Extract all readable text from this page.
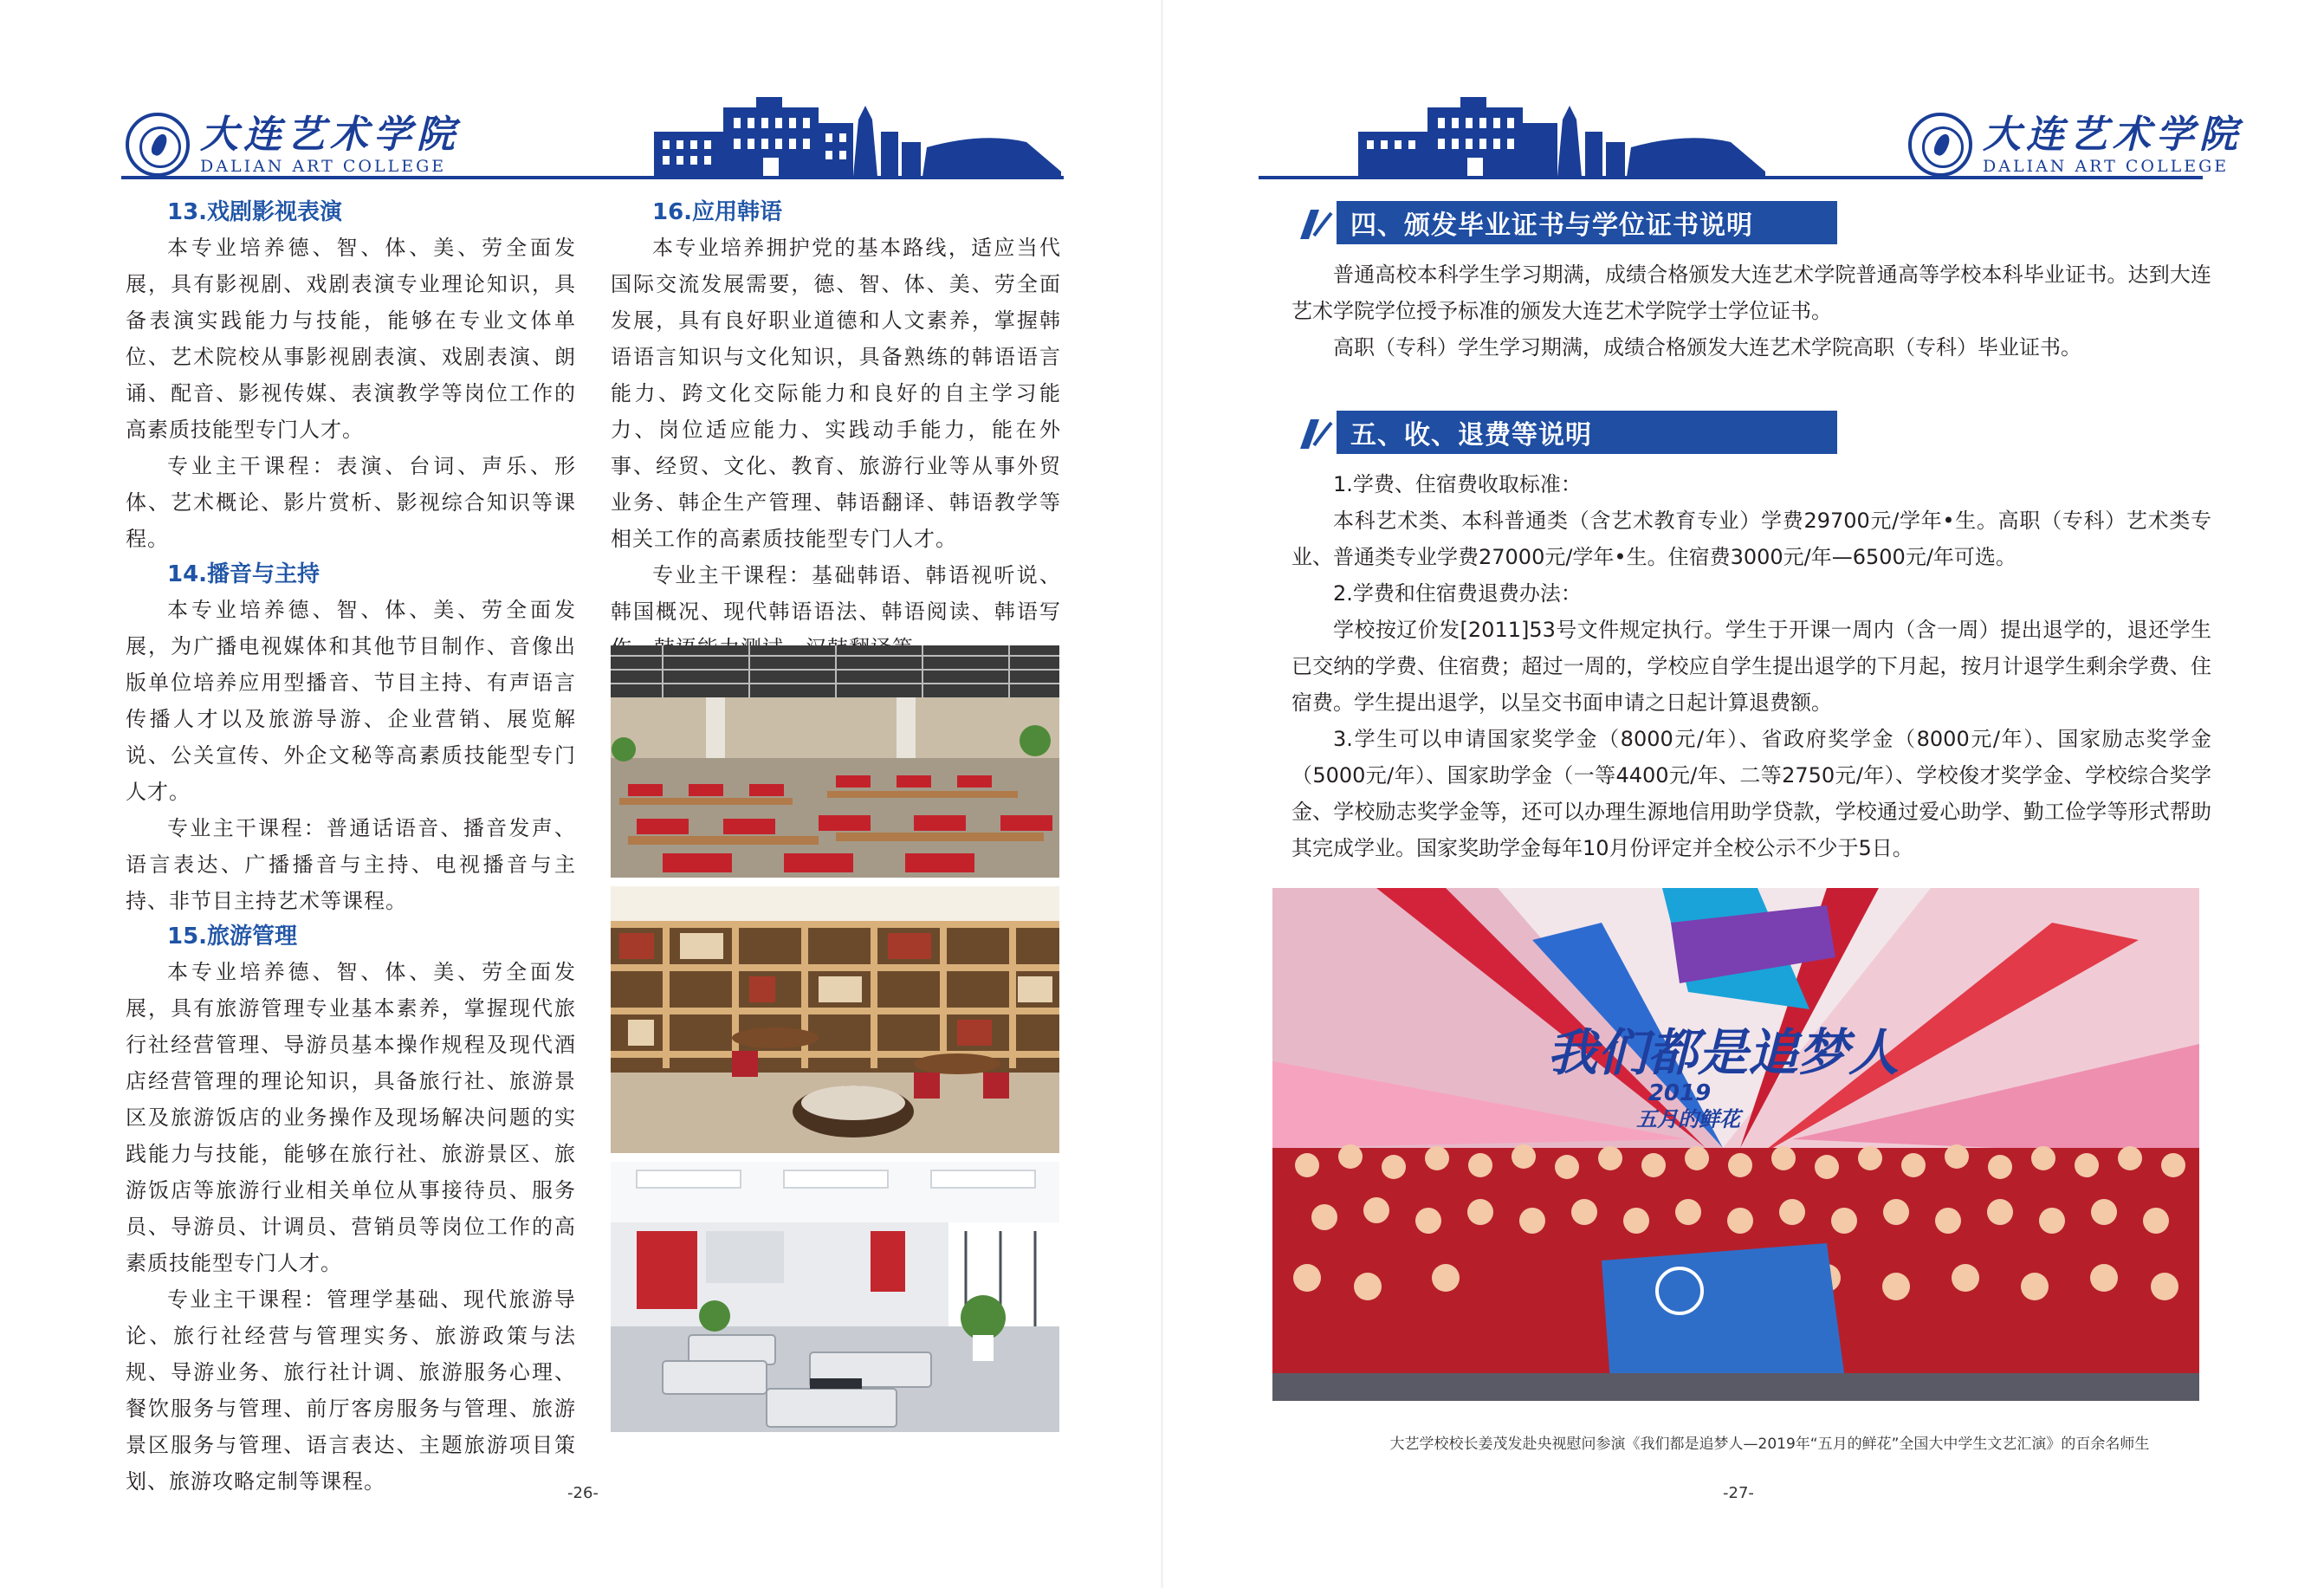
大连艺术学院
DALIAN ART COLLEGE
13.戏剧影视表演

本专业培养德、智、体、美、劳全面发展，具有影视剧、戏剧表演专业理论知识，具备表演实践能力与技能，能够在专业文体单位、艺术院校从事影视剧表演、戏剧表演、朗诵、配音、影视传媒、表演教学等岗位工作的高素质技能型专门人才。

专业主干课程：表演、台词、声乐、形体、艺术概论、影片赏析、影视综合知识等课程。

14.播音与主持

本专业培养德、智、体、美、劳全面发展，为广播电视媒体和其他节目制作、音像出版单位培养应用型播音、节目主持、有声语言传播人才以及旅游导游、企业营销、展览解说、公关宣传、外企文秘等高素质技能型专门人才。

专业主干课程：普通话语音、播音发声、语言表达、广播播音与主持、电视播音与主持、非节目主持艺术等课程。

15.旅游管理

本专业培养德、智、体、美、劳全面发展，具有旅游管理专业基本素养，掌握现代旅行社经营管理、导游员基本操作规程及现代酒店经营管理的理论知识，具备旅行社、旅游景区及旅游饭店的业务操作及现场解决问题的实践能力与技能，能够在旅行社、旅游景区、旅游饭店等旅游行业相关单位从事接待员、服务员、导游员、计调员、营销员等岗位工作的高素质技能型专门人才。

专业主干课程：管理学基础、现代旅游导论、旅行社经营与管理实务、旅游政策与法规、导游业务、旅行社计调、旅游服务心理、餐饮服务与管理、前厅客房服务与管理、旅游景区服务与管理、语言表达、主题旅游项目策划、旅游攻略定制等课程。

16.应用韩语

本专业培养拥护党的基本路线，适应当代国际交流发展需要，德、智、体、美、劳全面发展，具有良好职业道德和人文素养，掌握韩语语言知识与文化知识，具备熟练的韩语语言能力、跨文化交际能力和良好的自主学习能力、岗位适应能力、实践动手能力，能在外事、经贸、文化、教育、旅游行业等从事外贸业务、韩企生产管理、韩语翻译、韩语教学等相关工作的高素质技能型专门人才。

专业主干课程：基础韩语、韩语视听说、韩国概况、现代韩语语法、韩语阅读、韩语写

-26-
大连艺术学院
DALIAN ART COLLEGE
四、颁发毕业证书与学位证书说明

普通高校本科学生学习期满，成绩合格颁发大连艺术学院普通高等学校本科毕业证书。达到大连艺术学院学位授予标准的颁发大连艺术学院学士学位证书。

高职（专科）学生学习期满，成绩合格颁发大连艺术学院高职（专科）毕业证书。

五、收、退费等说明

1.学费、住宿费收取标准：

本科艺术类、本科普通类（含艺术教育专业）学费29700元/学年•生。高职（专科）艺术类专业、普通类专业学费27000元/学年•生。住宿费3000元/年—6500元/年可选。

2.学费和住宿费退费办法：

学校按辽价发[2011]53号文件规定执行。学生于开课一周内（含一周）提出退学的，退还学生已交纳的学费、住宿费；超过一周的，学校应自学生提出退学的下月起，按月计退学生剩余学费、住宿费。学生提出退学，以呈交书面申请之日起计算退费额。

3.学生可以申请国家奖学金（8000元/年）、省政府奖学金（8000元/年）、国家励志奖学金（5000元/年）、国家助学金（一等4400元/年、二等2750元/年）、学校俊才奖学金、学校综合奖学金、学校励志奖学金等，还可以办理生源地信用助学贷款，学校通过爱心助学、勤工俭学等形式帮助其完成学业。国家奖助学金每年10月份评定并全校公示不少于5日。

我们都是追梦人
2019
五月的鲜花
大艺学校校长姜茂发赴央视慰问参演《我们都是追梦人—2019年“五月的鲜花”全国大中学生文艺汇演》的百余名师生
-27-
